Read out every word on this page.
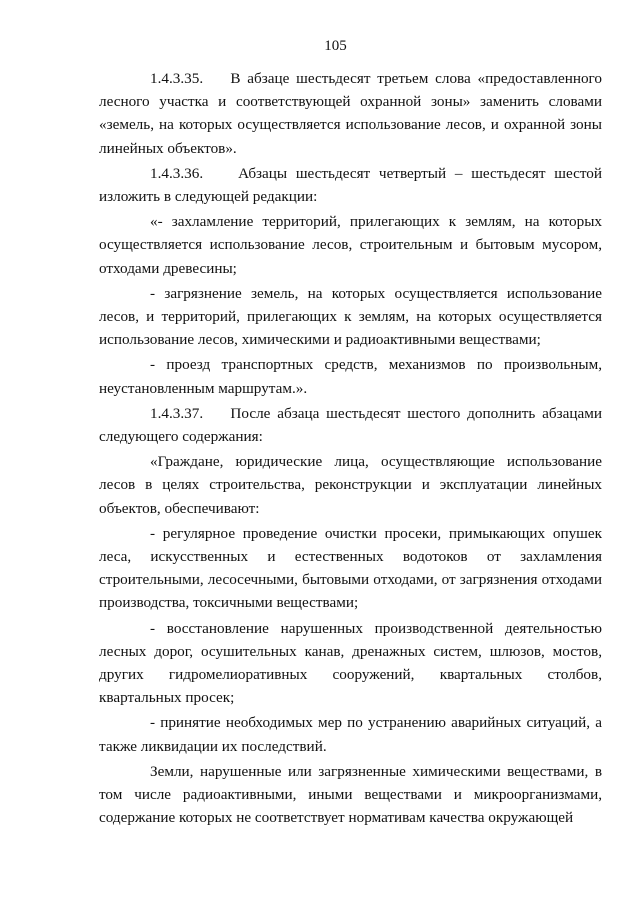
105

1.4.3.35.    В абзаце шестьдесят третьем слова «предоставленного лесного участка и соответствующей охранной зоны» заменить словами «земель, на которых осуществляется использование лесов, и охранной зоны линейных объектов».

1.4.3.36.    Абзацы шестьдесят четвертый – шестьдесят шестой изложить в следующей редакции:

«- захламление территорий, прилегающих к землям, на которых осуществляется использование лесов, строительным и бытовым мусором, отходами древесины;

- загрязнение земель, на которых осуществляется использование лесов, и территорий, прилегающих к землям, на которых осуществляется использование лесов, химическими и радиоактивными веществами;

- проезд транспортных средств, механизмов по произвольным, неустановленным маршрутам.».

1.4.3.37.    После абзаца шестьдесят шестого дополнить абзацами следующего содержания:

«Граждане, юридические лица, осуществляющие использование лесов в целях строительства, реконструкции и эксплуатации линейных объектов, обеспечивают:

- регулярное проведение очистки просеки, примыкающих опушек леса, искусственных и естественных водотоков от захламления строительными, лесосечными, бытовыми отходами, от загрязнения отходами производства, токсичными веществами;

- восстановление нарушенных производственной деятельностью лесных дорог, осушительных канав, дренажных систем, шлюзов, мостов, других гидромелиоративных сооружений, квартальных столбов, квартальных просек;

- принятие необходимых мер по устранению аварийных ситуаций, а также ликвидации их последствий.

Земли, нарушенные или загрязненные химическими веществами, в том числе радиоактивными, иными веществами и микроорганизмами, содержание которых не соответствует нормативам качества окружающей
